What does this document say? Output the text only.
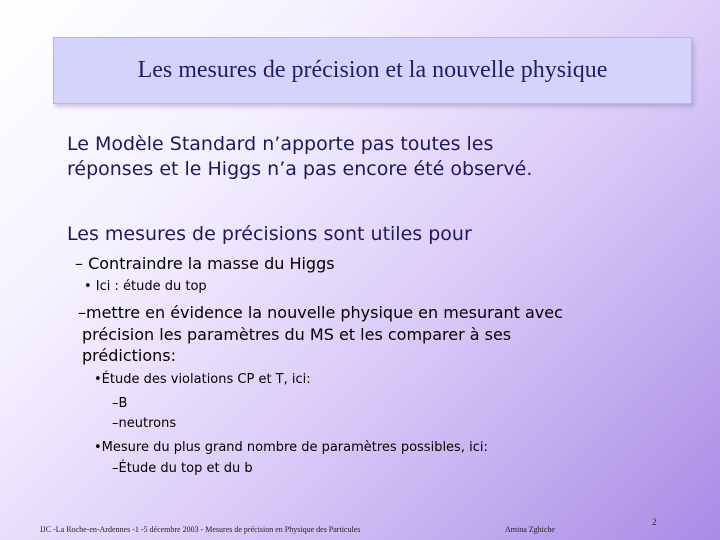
Les mesures de précision et la nouvelle physique
Le Modèle Standard n’apporte pas toutes les
réponses et le Higgs n’a pas encore été observé.
Les mesures de précisions sont utiles pour
– Contraindre la masse du Higgs
• Ici : étude du top
–mettre en évidence la nouvelle physique en mesurant avec
précision les paramètres du MS et les comparer à ses
prédictions:
•Étude des violations CP et T, ici:
–B
–neutrons
•Mesure du plus grand nombre de paramètres possibles, ici:
–Étude du top et du b
IJC -La Roche-en-Ardennes -1 -5 décembre 2003 - Mesures de précision en Physique des Particules	Amina Zghiche
2
